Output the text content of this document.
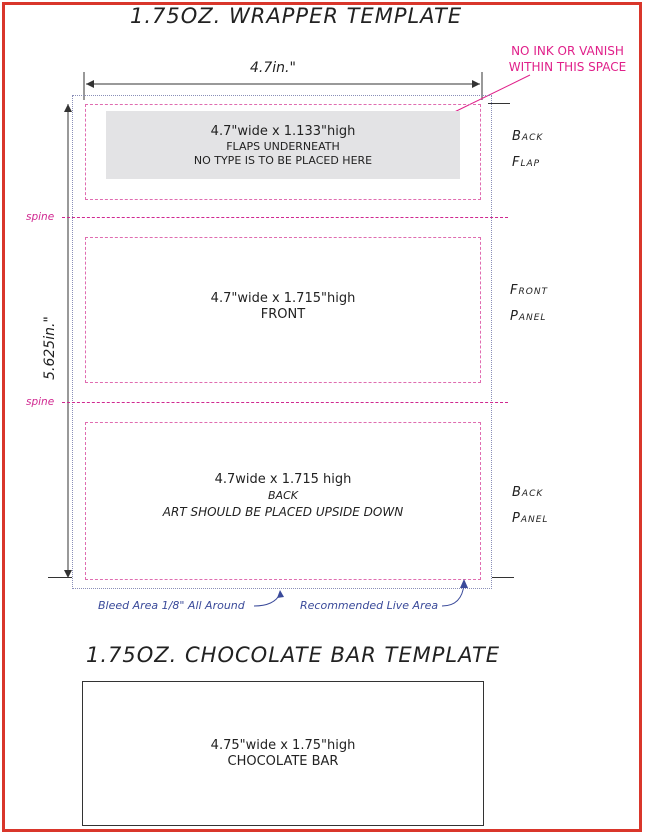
1.75OZ. WRAPPER TEMPLATE
4.7in."
NO INK OR VANISH
WITHIN THIS SPACE
5.625in."
4.7"wide x 1.133"high
FLAPS UNDERNEATH
NO TYPE IS TO BE PLACED HERE
Back
Flap
spine
4.7"wide x 1.715"high
FRONT
Front
Panel
spine
4.7wide x 1.715 high
BACK
ART SHOULD BE PLACED UPSIDE DOWN
Back
Panel
Bleed Area 1/8" All Around	Recommended Live Area
1.75OZ. CHOCOLATE BAR TEMPLATE
4.75"wide x 1.75"high
CHOCOLATE BAR
